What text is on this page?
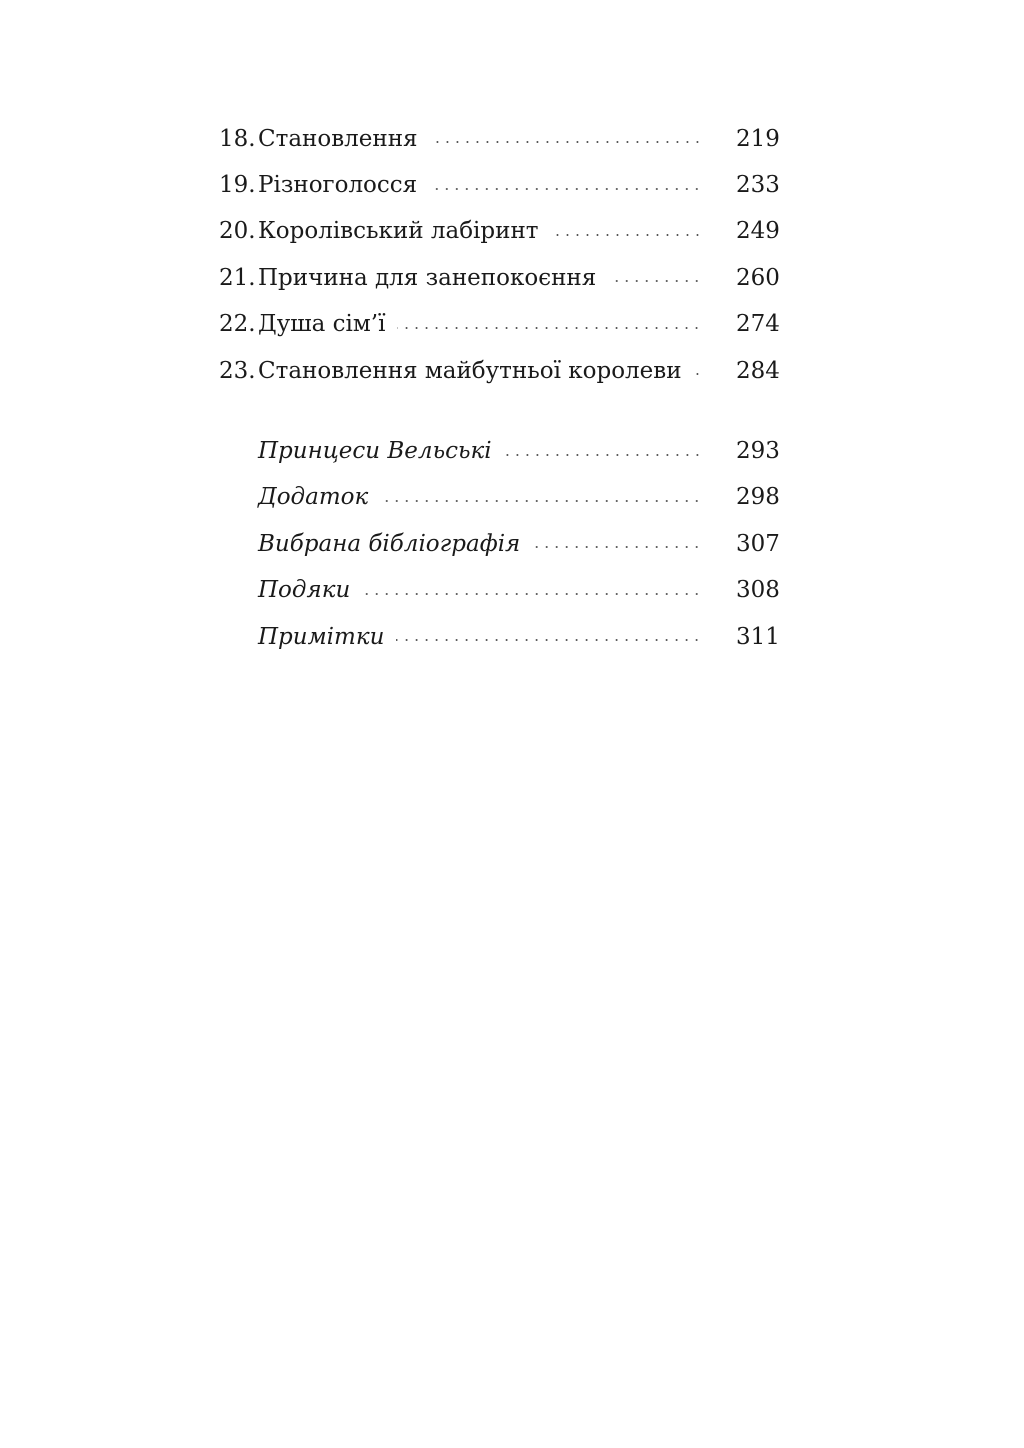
18. Становлення	219
19. Різноголосся	233
20. Королівський лабіринт	249
21. Причина для занепокоєння	260
22. Душа сім’ї	274
23. Становлення майбутньої королеви	284
Принцеси Вельські	293
Додаток	298
Вибрана бібліографія	307
Подяки	308
Примітки	311
